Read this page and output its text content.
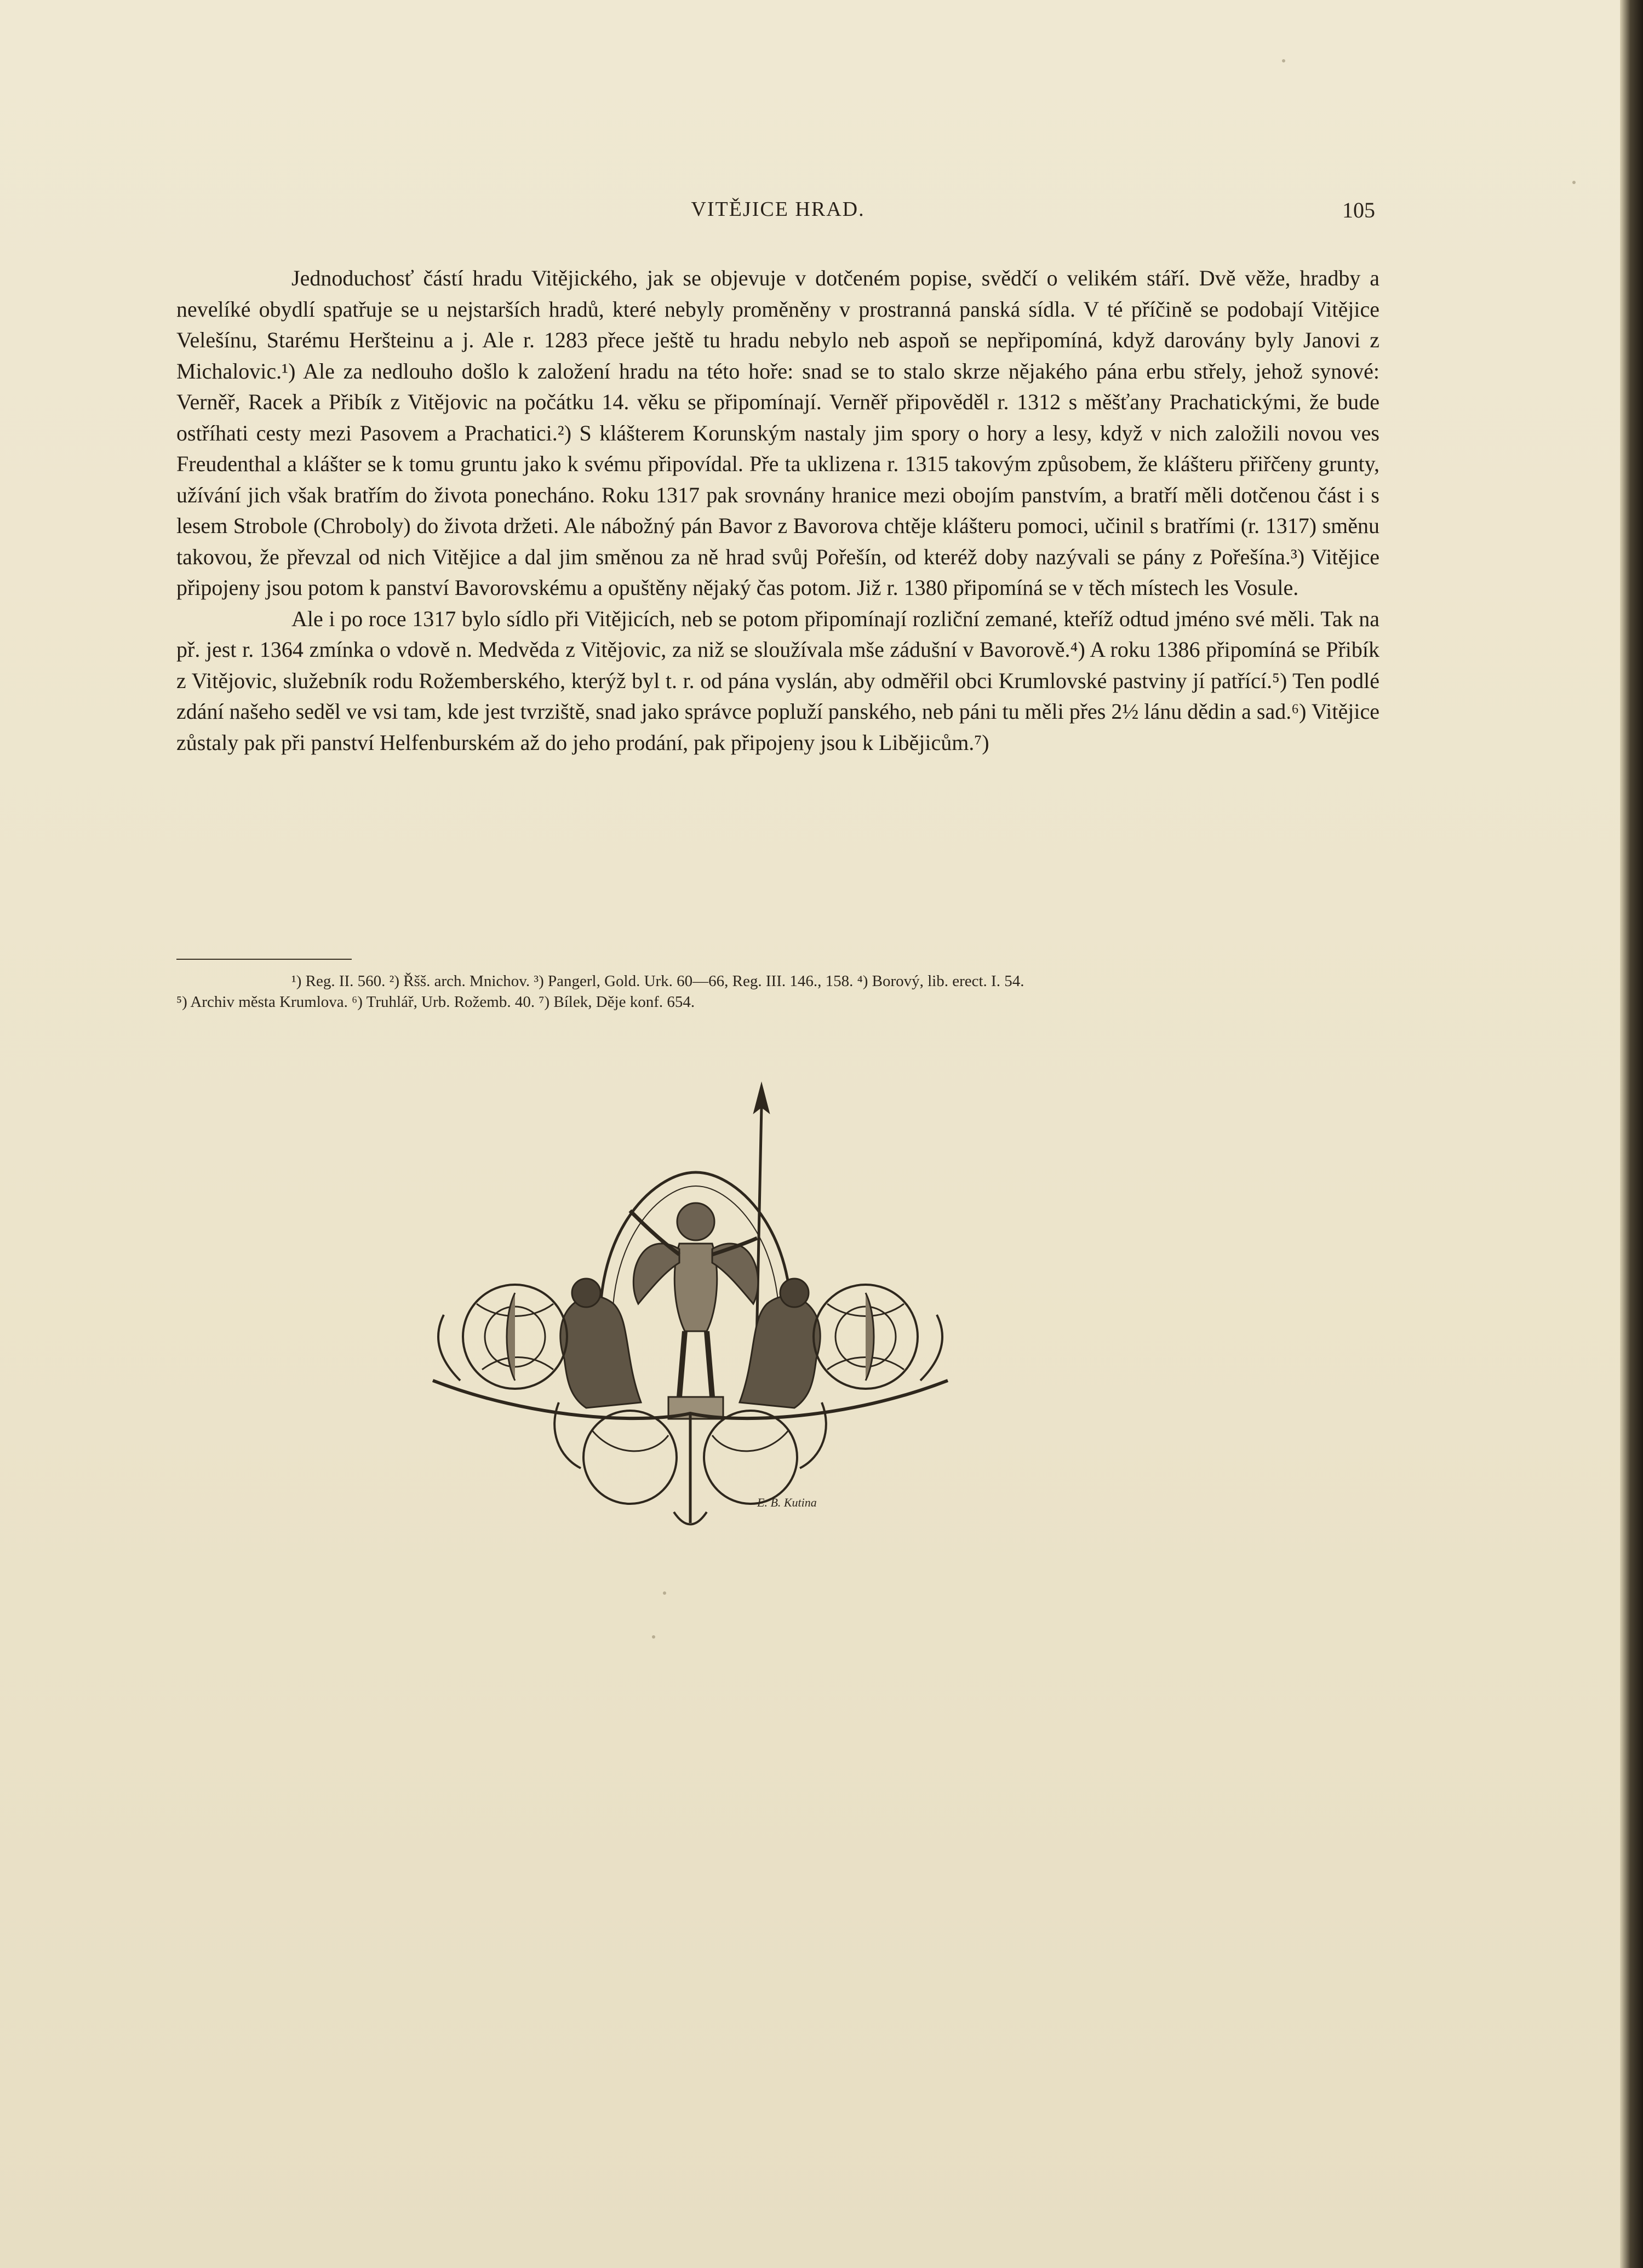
VITĚJICE HRAD.	105

Jednoduchosť částí hradu Vitějického, jak se objevuje v dotčeném popise, svědčí o velikém stáří. Dvě věže, hradby a nevelíké obydlí spatřuje se u nejstarších hradů, které nebyly proměněny v prostranná panská sídla. V té příčině se podobají Vitějice Velešínu, Starému Heršteinu a j. Ale r. 1283 přece ještě tu hradu nebylo neb aspoň se nepřipomíná, když darovány byly Janovi z Michalovic.¹) Ale za nedlouho došlo k založení hradu na této hoře: snad se to stalo skrze nějakého pána erbu střely, jehož synové: Verněř, Racek a Přibík z Vitějovic na počátku 14. věku se připomínají. Verněř připověděl r. 1312 s měšťany Prachatickými, že bude ostříhati cesty mezi Pasovem a Prachatici.²) S klášterem Korunským nastaly jim spory o hory a lesy, když v nich založili novou ves Freudenthal a klášter se k tomu gruntu jako k svému připovídal. Pře ta uklizena r. 1315 takovým způsobem, že klášteru přiřčeny grunty, užívání jich však bratřím do života ponecháno. Roku 1317 pak srovnány hranice mezi obojím panstvím, a bratří měli dotčenou část i s lesem Strobole (Chroboly) do života držeti. Ale nábožný pán Bavor z Bavorova chtěje klášteru pomoci, učinil s bratřími (r. 1317) směnu takovou, že převzal od nich Vitějice a dal jim směnou za ně hrad svůj Pořešín, od kteréž doby nazývali se pány z Pořešína.³) Vitějice připojeny jsou potom k panství Bavorovskému a opuštěny nějaký čas potom. Již r. 1380 připomíná se v těch místech les Vosule.

Ale i po roce 1317 bylo sídlo při Vitějicích, neb se potom připomínají rozliční zemané, kteříž odtud jméno své měli. Tak na př. jest r. 1364 zmínka o vdově n. Medvěda z Vitějovic, za niž se sloužívala mše zádušní v Bavorově.⁴) A roku 1386 připomíná se Přibík z Vitějovic, služebník rodu Rožemberského, kterýž byl t. r. od pána vyslán, aby odměřil obci Krumlovské pastviny jí patřící.⁵) Ten podlé zdání našeho seděl ve vsi tam, kde jest tvrziště, snad jako správce popluží panského, neb páni tu měli přes 2½ lánu dědin a sad.⁶) Vitějice zůstaly pak při panství Helfenburském až do jeho prodání, pak připojeny jsou k Libějicům.⁷)

¹) Reg. II. 560. ²) Řšš. arch. Mnichov. ³) Pangerl, Gold. Urk. 60—66, Reg. III. 146., 158. ⁴) Borový, lib. erect. I. 54.

⁵) Archiv města Krumlova. ⁶) Truhlář, Urb. Rožemb. 40. ⁷) Bílek, Děje konf. 654.

E. B. Kutina
